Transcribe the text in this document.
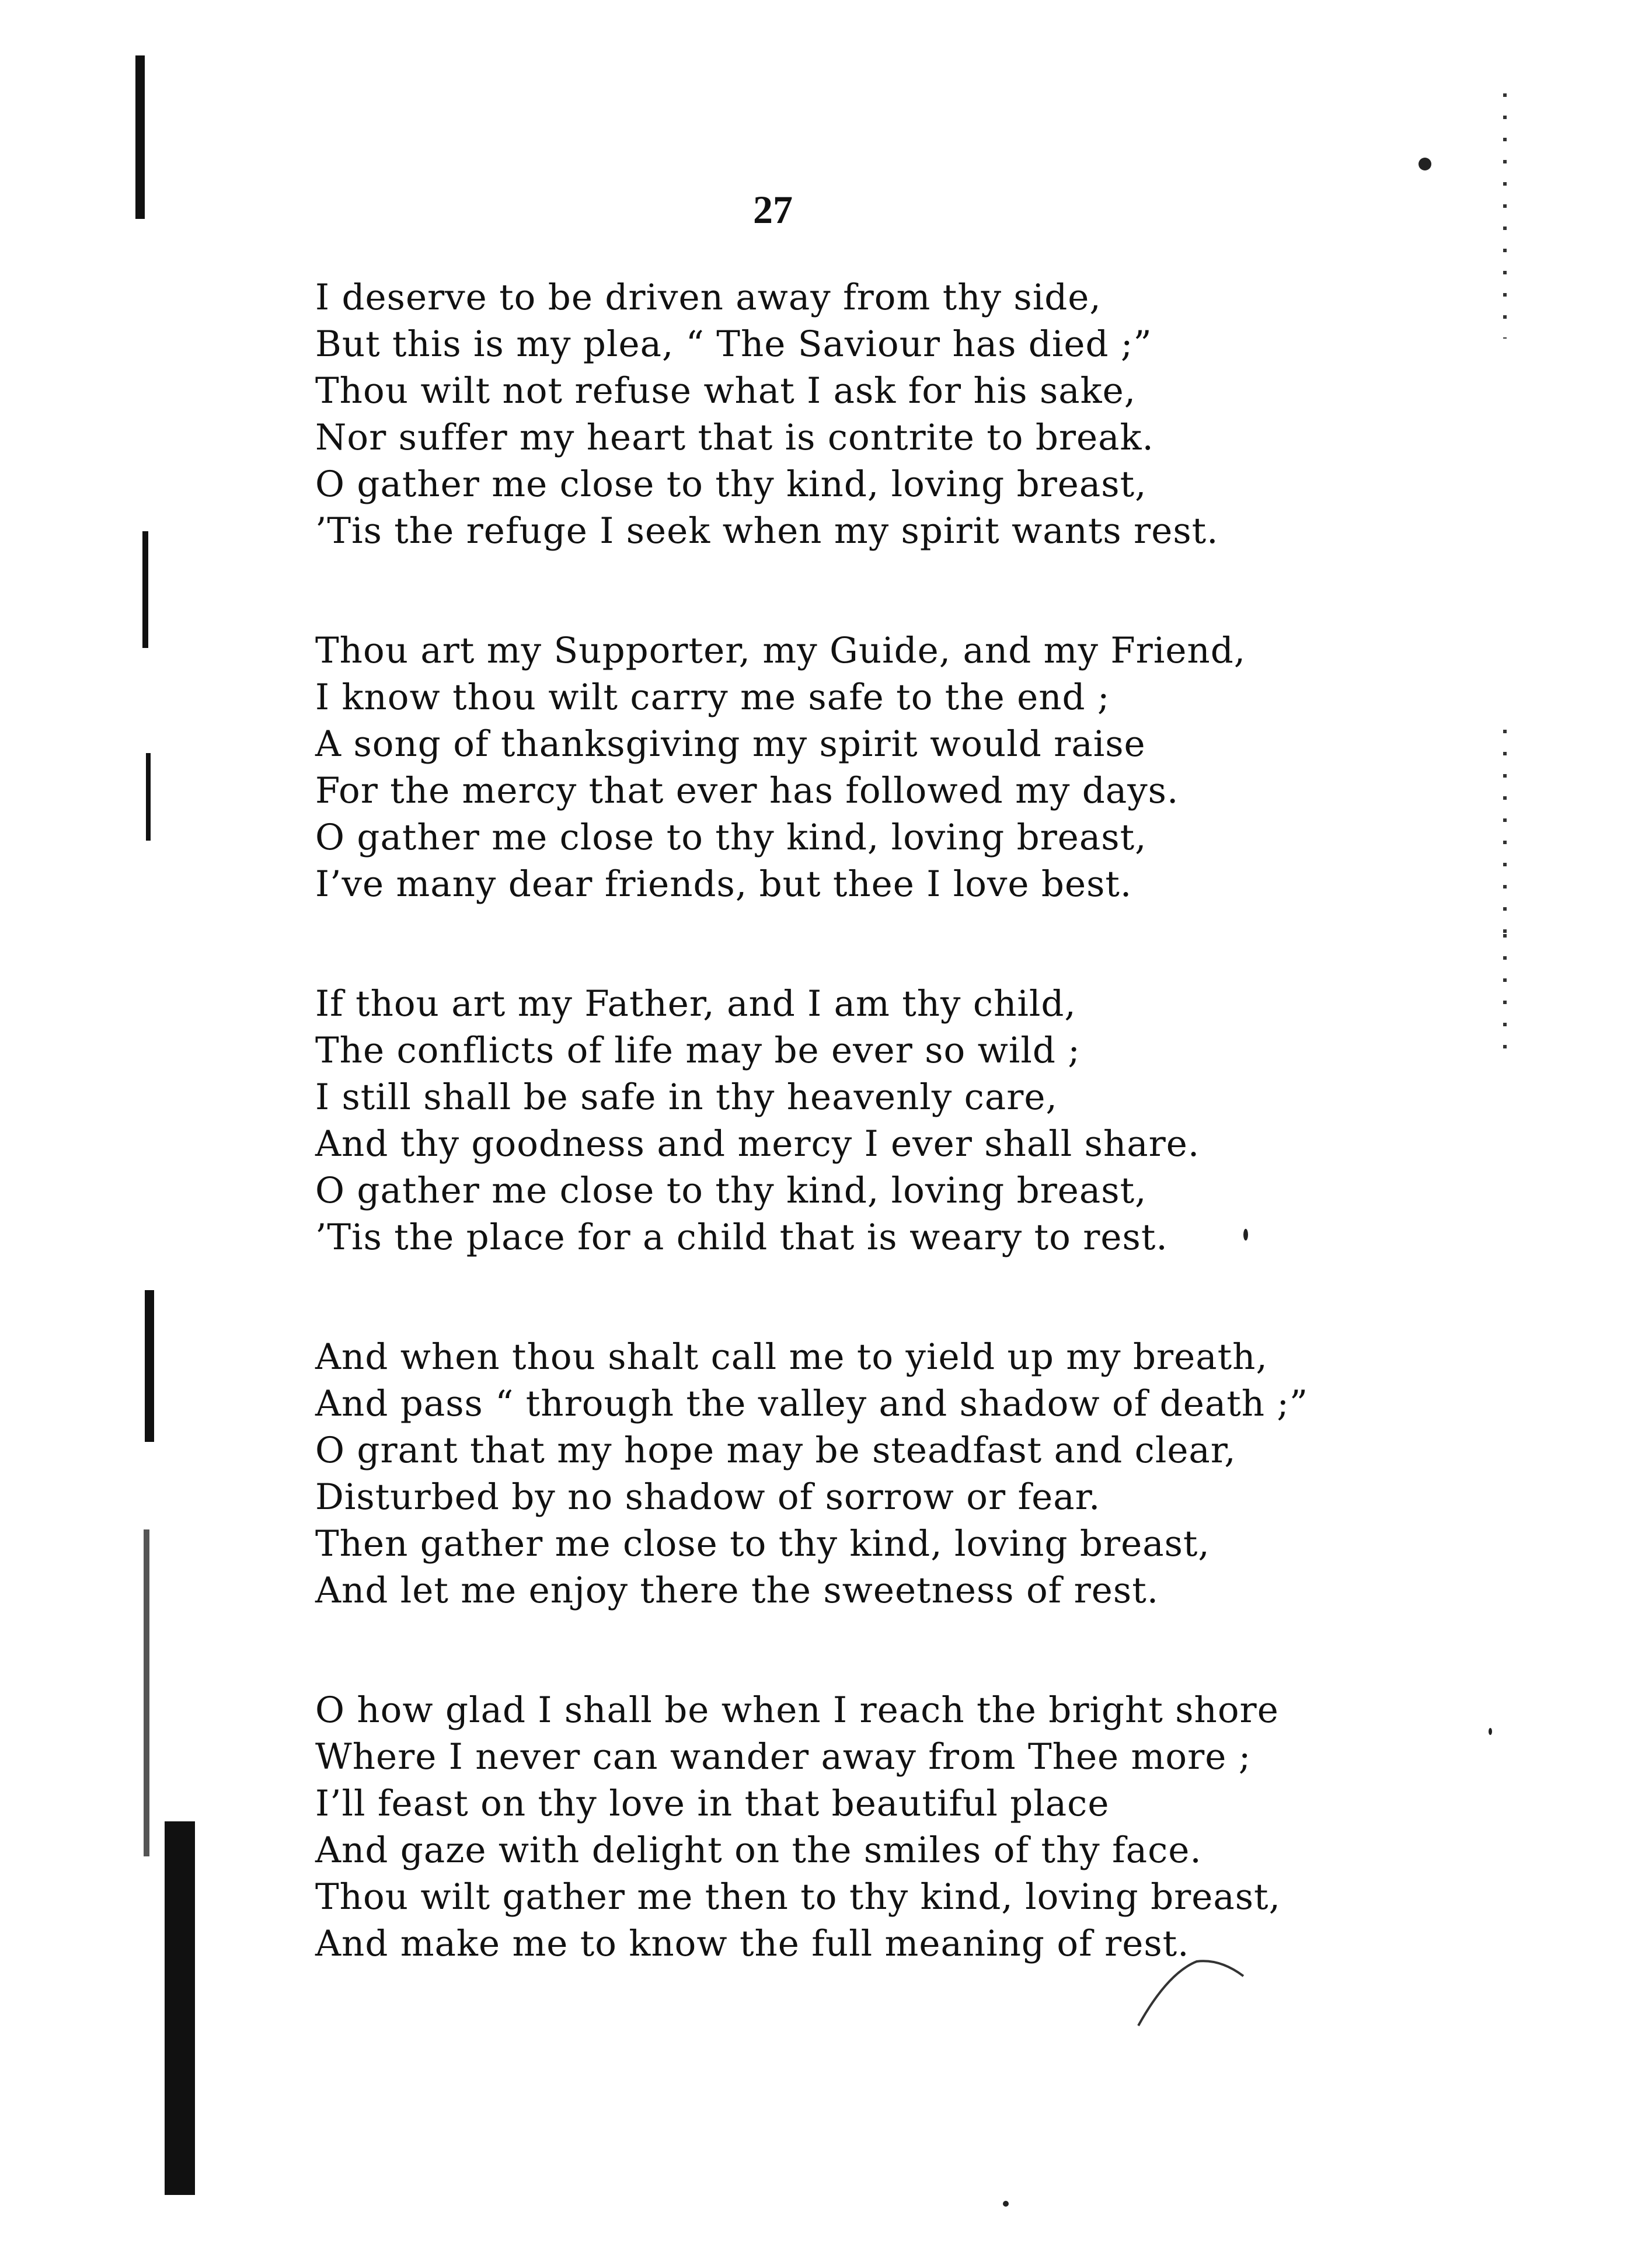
27
I deserve to be driven away from thy side,
But this is my plea, “ The Saviour has died ;”
Thou wilt not refuse what I ask for his sake,
Nor suffer my heart that is contrite to break.
O gather me close to thy kind, loving breast,
’Tis the refuge I seek when my spirit wants rest.
Thou art my Supporter, my Guide, and my Friend,
I know thou wilt carry me safe to the end ;
A song of thanksgiving my spirit would raise
For the mercy that ever has followed my days.
O gather me close to thy kind, loving breast,
I’ve many dear friends, but thee I love best.
If thou art my Father, and I am thy child,
The conflicts of life may be ever so wild ;
I still shall be safe in thy heavenly care,
And thy goodness and mercy I ever shall share.
O gather me close to thy kind, loving breast,
’Tis the place for a child that is weary to rest.
And when thou shalt call me to yield up my breath,
And pass “ through the valley and shadow of death ;”
O grant that my hope may be steadfast and clear,
Disturbed by no shadow of sorrow or fear.
Then gather me close to thy kind, loving breast,
And let me enjoy there the sweetness of rest.
O how glad I shall be when I reach the bright shore
Where I never can wander away from Thee more ;
I’ll feast on thy love in that beautiful place
And gaze with delight on the smiles of thy face.
Thou wilt gather me then to thy kind, loving breast,
And make me to know the full meaning of rest.
